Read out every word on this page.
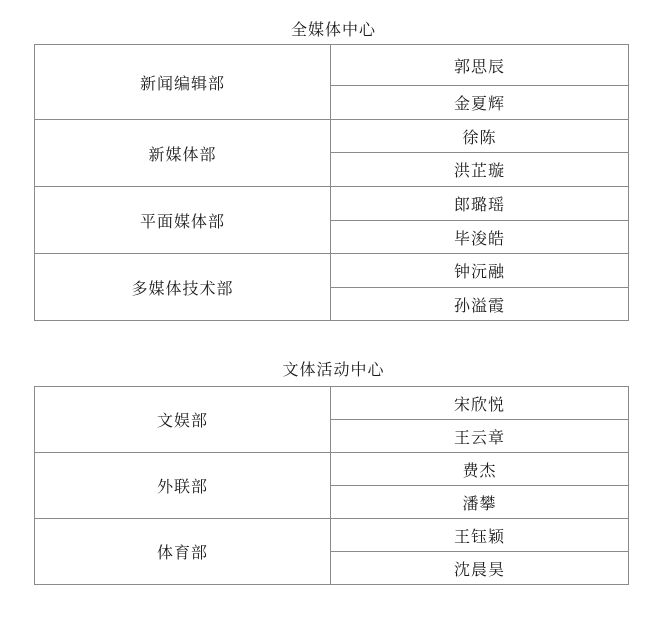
全媒体中心
新闻编辑部	郭思辰
	金夏辉
新媒体部	徐陈
	洪芷璇
平面媒体部	郎璐瑶
	毕浚皓
多媒体技术部	钟沅融
	孙溢霞
文体活动中心
文娱部	宋欣悦
	王云章
外联部	费杰
	潘攀
体育部	王钰颖
	沈晨昊
